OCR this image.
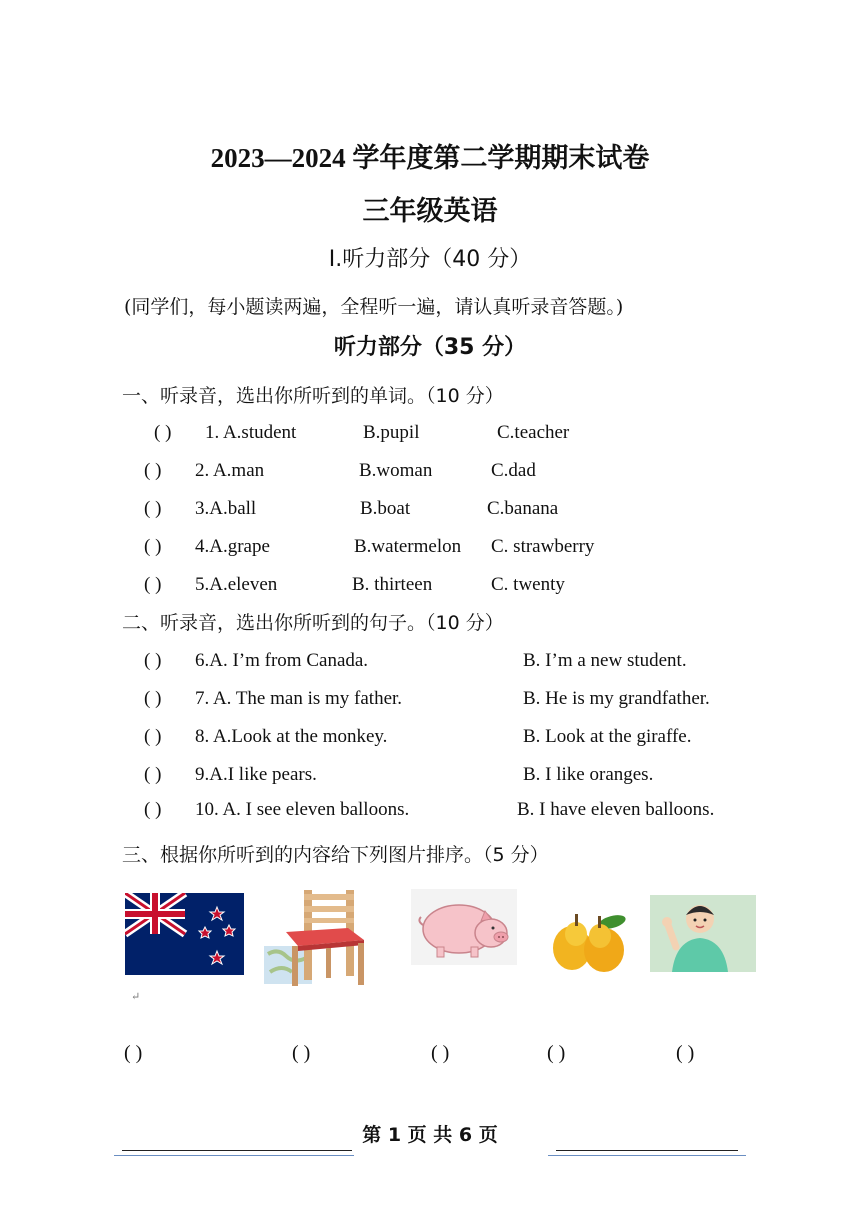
2023—2024 学年度第二学期期末试卷
三年级英语
Ⅰ.听力部分（40 分）
(同学们，每小题读两遍，全程听一遍，请认真听录音答题。)
听力部分（35 分）
一、听录音，选出你所听到的单词。（10 分）
( ) 1. A.student	B.pupil	C.teacher
( ) 2. A.man	B.woman	C.dad
( ) 3.A.ball	B.boat	C.banana
( ) 4.A.grape	B.watermelon C. strawberry
( ) 5.A.eleven	B. thirteen	C. twenty
二、听录音，选出你所听到的句子。（10 分）
( ) 6.A. I’m from Canada.	B. I’m a new student.
( ) 7. A. The man is my father.	B. He is my grandfather.
( ) 8. A.Look at the monkey.	B. Look at the giraffe.
( ) 9.A.I like pears.	B. I like oranges.
( ) 10. A. I see eleven balloons.	B. I have eleven balloons.
三、根据你所听到的内容给下列图片排序。（5 分）
↵
( )	( )	( )	( )	( )
第 1 页 共 6 页
